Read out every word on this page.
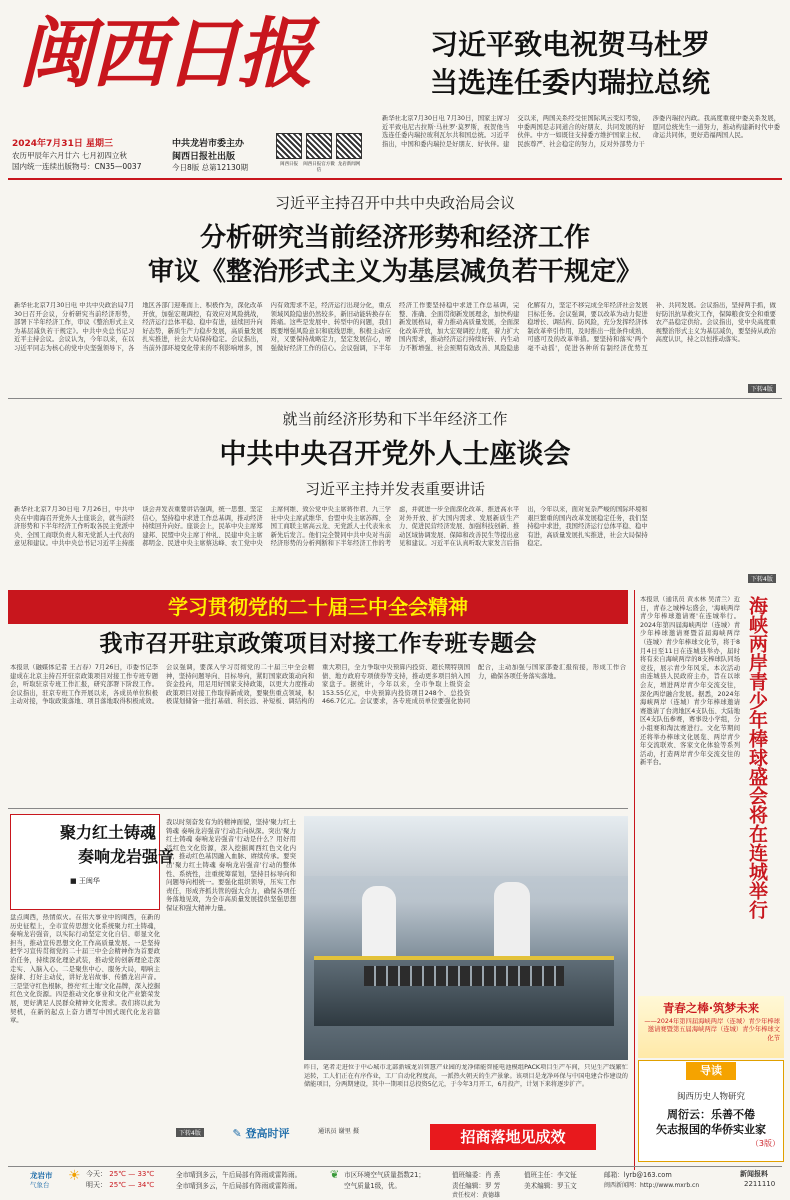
闽西日报
2024年7月31日 星期三
农历甲辰年六月廿六 七月初四立秋
国内统一连续出版物号：CN35—0037
中共龙岩市委主办
闽西日报社出版
今日8版 总第12130期	闽西日报	闽西日报官方微信
龙岩新闻网
习近平致电祝贺马杜罗
当选连任委内瑞拉总统
新华社北京7月30日电 7月30日，国家主席习近平致电尼古拉斯·马杜罗·莫罗斯，祝贺他当选连任委内瑞拉玻利瓦尔共和国总统。习近平指出，中国和委内瑞拉是好朋友、好伙伴。建交以来，两国关系经受住国际风云变幻考验，中委两国是志同道合的好朋友、共同发展的好伙伴。中方一如既往支持委方维护国家主权、民族尊严、社会稳定的努力，反对外部势力干涉委内瑞拉内政。我高度重视中委关系发展，愿同总统先生一道努力，推动构建新时代中委命运共同体，更好造福两国人民。
习近平主持召开中共中央政治局会议
分析研究当前经济形势和经济工作
审议《整治形式主义为基层减负若干规定》
新华社北京7月30日电 中共中央政治局7月30日召开会议，分析研究当前经济形势，部署下半年经济工作，审议《整治形式主义为基层减负若干规定》。中共中央总书记习近平主持会议。会议认为，今年以来，在以习近平同志为核心的党中央坚强领导下，各地区各部门迎难而上、积极作为，深化改革开放，加强宏观调控，有效应对风险挑战，经济运行总体平稳、稳中有进，延续回升向好态势，新质生产力稳步发展，高质量发展扎实推进，社会大局保持稳定。会议指出，当前外部环境变化带来的不利影响增多，国内有效需求不足，经济运行出现分化，重点领域风险隐患仍然较多，新旧动能转换存在阵痛。这些是发展中、转型中的问题，我们既要增强风险意识和底线思维，积极主动应对，又要保持战略定力，坚定发展信心，增强做好经济工作的信心。会议强调，下半年经济工作要坚持稳中求进工作总基调，完整、准确、全面贯彻新发展理念，加快构建新发展格局，着力推动高质量发展，全面深化改革开放，加大宏观调控力度，着力扩大国内需求，推动经济运行持续好转、内生动力不断增强、社会预期有效改善、风险隐患化解有力，坚定不移完成全年经济社会发展目标任务。会议强调，要以改革为动力促进稳增长、调结构、防风险，充分发挥经济体制改革牵引作用，及时推出一批条件成熟、可感可及的改革举措。要坚持和落实'两个毫不动摇'，促进各种所有制经济优势互补、共同发展。会议指出，坚持两手抓，做好防汛抗旱救灾工作，保障粮食安全和重要农产品稳定供给。会议指出，党中央高度重视整治形式主义为基层减负，要坚持从政治高度认识，持之以恒推动落实。
下转4版
就当前经济形势和下半年经济工作
中共中央召开党外人士座谈会
习近平主持并发表重要讲话
新华社北京7月30日电 7月26日，中共中央在中南海召开党外人士座谈会，就当前经济形势和下半年经济工作听取各民主党派中央、全国工商联负责人和无党派人士代表的意见和建议。中共中央总书记习近平主持座谈会并发表重要讲话强调，统一思想、坚定信心，坚持稳中求进工作总基调，推动经济持续回升向好。座谈会上，民革中央主席郑建邦、民盟中央主席丁仲礼、民建中央主席郝明金、民进中央主席蔡达峰、农工党中央主席何维、致公党中央主席蒋作君、九三学社中央主席武维华、台盟中央主席苏辉、全国工商联主席高云龙、无党派人士代表朱永新先后发言。他们完全赞同中共中央对当前经济形势的分析判断和下半年经济工作的考虑，并就进一步全面深化改革、推进高水平对外开放、扩大国内需求、发展新质生产力、促进民营经济发展、加强科技创新、推动区域协调发展、保障和改善民生等提出意见和建议。习近平在认真听取大家发言后指出，今年以来，面对复杂严峻的国际环境和艰巨繁重的国内改革发展稳定任务，我们坚持稳中求进，我国经济运行总体平稳、稳中有进，高质量发展扎实推进，社会大局保持稳定。
下转4版
学习贯彻党的二十届三中全会精神
我市召开驻京政策项目对接工作专班专题会
本报讯（融媒体记者 王占春）7月26日，市委书记李建成在北京主持召开驻京政策项目对接工作专班专题会，听取驻京专班工作汇报，研究部署下阶段工作。会议指出，驻京专班工作开展以来，各成员单位积极主动对接，争取政策落地、项目落地取得积极成效。会议强调，要深入学习贯彻党的二十届三中全会精神，坚持问题导向、目标导向，紧盯国家政策动向和资金投向，用足用好国家支持政策，以更大力度推动政策项目对接工作取得新成效，要聚焦重点领域，积极谋划储备一批打基础、利长远、补短板、调结构的重大项目，全力争取中央预算内投资、超长期特别国债、地方政府专项债券等支持，推动更多项目纳入国家盘子。据统计，今年以来，全市争取上级资金153.55亿元，中央预算内投资项目248个、总投资466.7亿元。会议要求，各专班成员单位要强化协同配合，主动加强与国家部委汇报衔接，形成工作合力，确保各项任务落实落地。
聚力红土铸魂
奏响龙岩强音
■ 王闽华
盘点闽西，热情似火。在伟大事业中的闽西，在新的历史征程上，全市宣传思想文化系统聚力红土铸魂，奏响龙岩强音，以实际行动坚定文化自信、彰显文化担当，推动宣传思想文化工作高质量发展。一是坚持把学习宣传贯彻党的二十届三中全会精神作为首要政治任务，持续深化理论武装，推动党的创新理论走深走实、入脑入心。二是聚焦中心、服务大局，唱响主旋律、打好主动仗，讲好龙岩故事、传播龙岩声音。三是坚守红色根脉，擦亮'红土地'文化品牌，深入挖掘红色文化资源。四是推动文化事业和文化产业繁荣发展，更好满足人民群众精神文化需求。我们将以此为契机，在新的起点上奋力谱写中国式现代化龙岩篇章。
下转4版
我以时刻奋发有为的精神面貌，坚持'聚力红土铸魂 奏响龙岩强音'行动走向纵深。突出'聚力红土铸魂 奏响龙岩强音'行动是什么？用好用活红色文化资源，深入挖掘闽西红色文化内涵，推动红色基因融入血脉、赓续传承。要突出'聚力红土铸魂 奏响龙岩强音'行动的整体性、系统性，注重统筹谋划，坚持目标导向和问题导向相统一。要强化组织领导，压实工作责任，形成齐抓共管的强大合力，确保各项任务落地见效，为全市高质量发展提供坚强思想保证和强大精神力量。
✎ 登高时评
昨日，笔者走进位于中心城市北部新城龙岩智慧产业园的龙净储能智能电池模组PACK项目生产车间，只见生产线繁忙运转，工人们正在有序作业，工厂自动化程度高，一派热火朝天的生产景象。该项目是龙净环保与中国电建合作建设的储能项目，分两期建设，其中一期项目总投资5亿元，于今年3月开工，6月投产，计划下来将逐步扩产。
通讯员 谢里 摄	招商落地见成效
海峡两岸青少年棒球盛会将在连城举行
本报讯（通讯员 黄永林 吴清兰）近日，青春之城棒坛盛会，'海峡两岸青少年棒球邀请赛'在连城举行。2024年第四届海峡两岸（连城）青少年棒球邀请赛暨首届海峡两岸（连城）青少年棒球文化节，将于8月4日至11日在连城县举办，届时将有来自海峡两岸的8支棒球队同场竞技，展示青少年风采。本次活动由连城县人民政府主办，旨在以球会友，增进两岸青少年交流交往，深化两岸融合发展。据悉，2024年海峡两岸（连城）青少年棒球邀请赛邀请了台湾地区4支队伍、大陆地区4支队伍参赛，赛事设小学组，分小组赛和淘汰赛进行。文化节期间还将举办棒球文化展览、两岸青少年交流联欢、客家文化体验等系列活动，打造两岸青少年交流交往的新平台。
青春之棒·筑梦未来
——2024年第四届海峡两岸（连城）青少年棒球邀请赛暨第五届海峡两岸（连城）青少年棒球文化节
导读
闽西历史人物研究
周衍云：乐善不倦
矢志报国的华侨实业家
（3版）
龙岩市
气象台
☀ 今天： 25℃ — 33℃
明天： 25℃ — 34℃
全市晴到多云，午后局部有阵雨或雷阵雨。
全市晴到多云，午后局部有阵雨或雷阵雨。
❦ 市区环境空气质量指数21；
空气质量1级，优。
值班编委：肖 燕	值班主任：李文钲
责任编辑：罗 芳	美术编辑：罗玉文
责任校对：黄德雄
邮箱：lyrb@163.com
闽西新闻网：http://www.mxrb.cn
新闻报料
2211110
